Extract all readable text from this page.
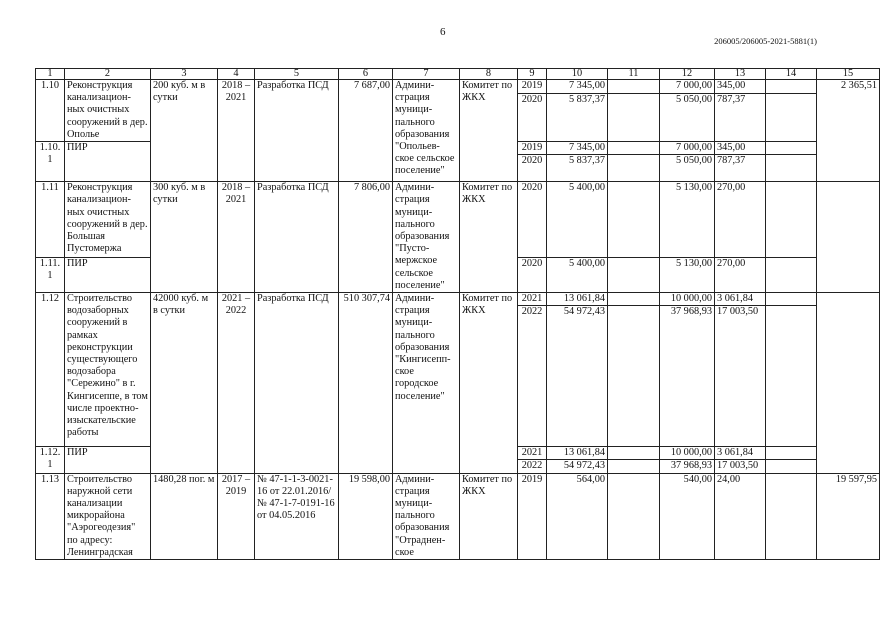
6
206005/206005-2021-5881(1)
1	2	3	4	5	6	7	8	9	10	11	12	13	14	15
1.10	Реконструкция канализацион-ных очистных сооружений в дер. Ополье	200 куб. м в сутки	2018 – 2021	Разработка ПСД	7 687,00	Админи-страция муници-пального образования "Опольев-ское сельское поселение"	Комитет по ЖКХ	2019	7 345,00		7 000,00	345,00		2 365,51
								2020	5 837,37		5 050,00	787,37		
1.10.1	ПИР							2019	7 345,00		7 000,00	345,00		
								2020	5 837,37		5 050,00	787,37		
1.11	Реконструкция канализацион-ных очистных сооружений в дер. Большая Пустомержа	300 куб. м в сутки	2018 – 2021	Разработка ПСД	7 806,00	Админи-страция муници-пального образования "Пусто-мержское сельское поселение"	Комитет по ЖКХ	2020	5 400,00		5 130,00	270,00		
1.11.1	ПИР							2020	5 400,00		5 130,00	270,00		
1.12	Строительство водозаборных сооружений в рамках реконструкции существующего водозабора "Сережино" в г. Кингисеппе, в том числе проектно-изыскательские работы	42000 куб. м в сутки	2021 – 2022	Разработка ПСД	510 307,74	Админи-страция муници-пального образования "Кингисепп-ское городское поселение"	Комитет по ЖКХ	2021	13 061,84		10 000,00	3 061,84		
								2022	54 972,43		37 968,93	17 003,50		
1.12.1	ПИР							2021	13 061,84		10 000,00	3 061,84		
								2022	54 972,43		37 968,93	17 003,50		
1.13	Строительство наружной сети канализации микрорайона "Аэрогеодезия" по адресу: Ленинградская	1480,28 пог. м	2017 – 2019	№ 47-1-1-3-0021-16 от 22.01.2016/ № 47-1-7-0191-16 от 04.05.2016	19 598,00	Админи-страция муници-пального образования "Отраднен-ское	Комитет по ЖКХ	2019	564,00		540,00	24,00		19 597,95
